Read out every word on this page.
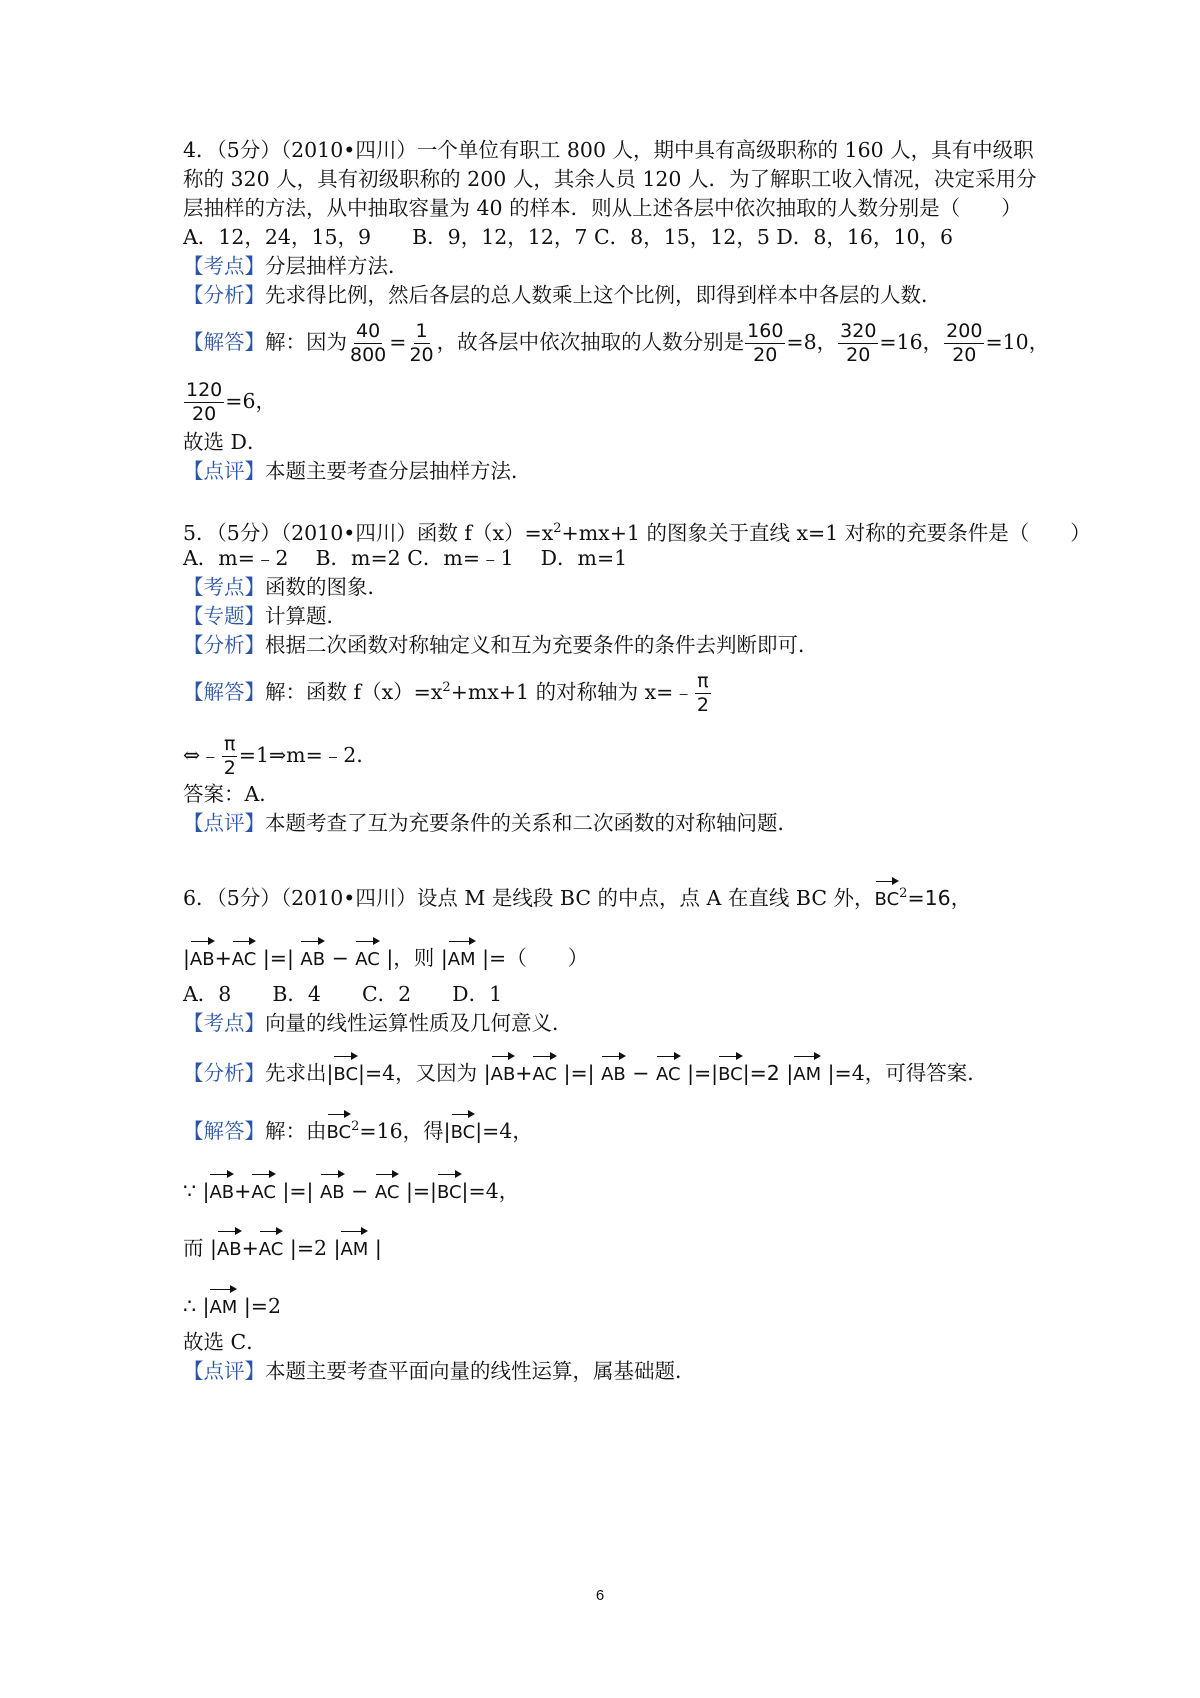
4．（5分）（2010•四川）一个单位有职工 800 人，期中具有高级职称的 160 人，具有中级职
称的 320 人，具有初级职称的 200 人，其余人员 120 人．为了解职工收入情况，决定采用分
层抽样的方法，从中抽取容量为 40 的样本．则从上述各层中依次抽取的人数分别是（　　）
A．12，24，15，9　　B．9，12，12，7 C．8，15，12，5 D．8，16，10，6
【考点】分层抽样方法．
【分析】先求得比例，然后各层的总人数乘上这个比例，即得到样本中各层的人数．
【解答】解：因为 $\frac{40}{800} = \frac{1}{20}$ ，故各层中依次抽取的人数分别是 $\frac{160}{20} =8$， $\frac{320}{20} =16$， $\frac{200}{20} =10$，
$\frac{120}{20} =6$，
故选 D．
【点评】本题主要考查分层抽样方法．
5．（5分）（2010•四川）函数 $f(x)=x^2+mx+1$ 的图象关于直线 x=1 对称的充要条件是（　　）
A．m=﹣2　 B．m=2 C．m=﹣1　 D．m=1
【考点】函数的图象．
【专题】计算题．
【分析】根据二次函数对称轴定义和互为充要条件的条件去判断即可．
【解答】解：函数 $f(x)=x^2+mx+1$ 的对称轴为 x=﹣ $\frac{\pi}{2}$
⇔﹣ $\frac{\pi}{2}$ =1⇒m=﹣2．
答案：A．
【点评】本题考查了互为充要条件的关系和二次函数的对称轴问题．
6．（5分）（2010•四川）设点 M 是线段 BC 的中点，点 A 在直线 BC 外，$BC^2=16$，
|AB+AC |=| AB − AC |，则 |AM |=（　　）
A．8　　B．4　　C．2　　D．1
【考点】向量的线性运算性质及几何意义．
【分析】先求出|BC|=4，又因为 |AB+AC |=| AB − AC |=|BC|=2 |AM |=4，可得答案．
【解答】解：由$BC^2=16$，得|BC|=4，
∵ |AB+AC |=| AB − AC |=|BC|=4，
而 |AB+AC |=2 |AM |
∴ |AM |=2
故选 C．
【点评】本题主要考查平面向量的线性运算，属基础题．
6
